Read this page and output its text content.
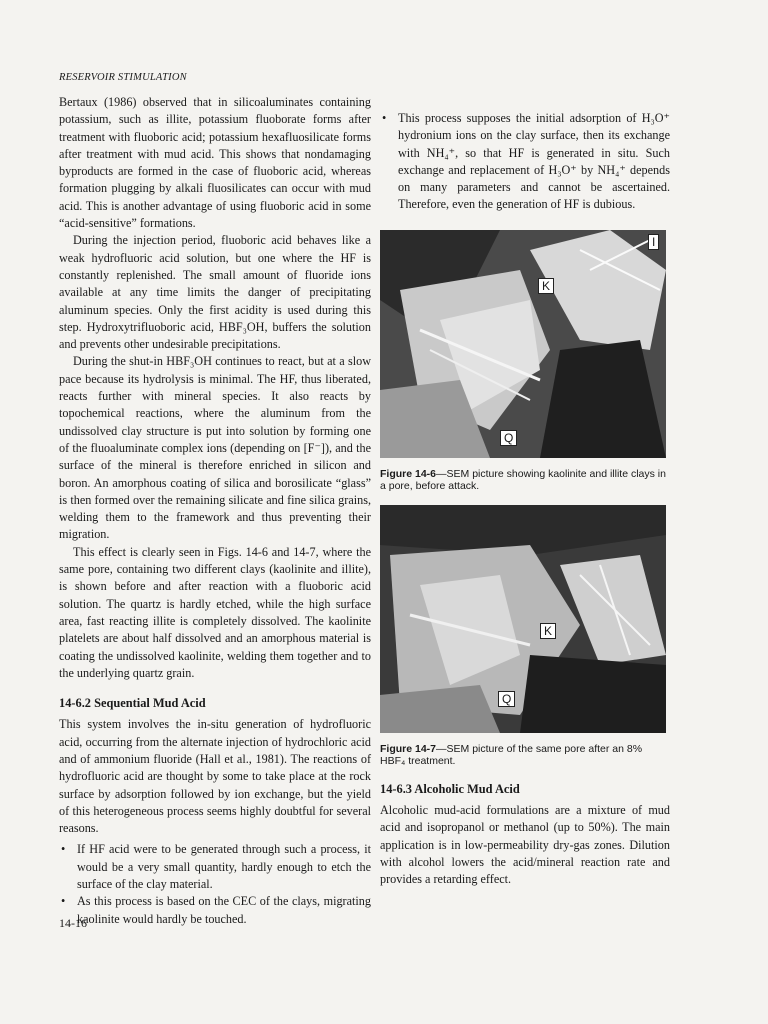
RESERVOIR STIMULATION

Bertaux (1986) observed that in silicoaluminates containing potassium, such as illite, potassium fluoborate forms after treatment with fluoboric acid; potassium hexafluosilicate forms after treatment with mud acid. This shows that nondamaging byproducts are formed in the case of fluoboric acid, whereas formation plugging by alkali fluosilicates can occur with mud acid. This is another advantage of using fluoboric acid in some “acid-sensitive” formations.

During the injection period, fluoboric acid behaves like a weak hydrofluoric acid solution, but one where the HF is constantly replenished. The small amount of fluoride ions available at any time limits the danger of precipitating aluminum species. Only the first acidity is used during this step. Hydroxytrifluoboric acid, HBF₃OH, buffers the solution and prevents other undesirable precipitations.

During the shut-in HBF₃OH continues to react, but at a slow pace because its hydrolysis is minimal. The HF, thus liberated, reacts further with mineral species. It also reacts by topochemical reactions, where the aluminum from the undissolved clay structure is put into solution by forming one of the fluoaluminate complex ions (depending on [F⁻]), and the surface of the mineral is therefore enriched in silicon and boron. An amorphous coating of silica and borosilicate “glass” is then formed over the remaining silicate and fine silica grains, welding them to the framework and thus preventing their migration.

This effect is clearly seen in Figs. 14-6 and 14-7, where the same pore, containing two different clays (kaolinite and illite), is shown before and after reaction with a fluoboric acid solution. The quartz is hardly etched, while the high surface area, fast reacting illite is completely dissolved. The kaolinite platelets are about half dissolved and an amorphous material is coating the undissolved kaolinite, welding them together and to the underlying quartz grain.

14-6.2 Sequential Mud Acid

This system involves the in-situ generation of hydrofluoric acid, occurring from the alternate injection of hydrochloric acid and of ammonium fluoride (Hall et al., 1981). The reactions of hydrofluoric acid are thought by some to take place at the rock surface by adsorption followed by ion exchange, but the yield of this heterogeneous process seems highly doubtful for several reasons.

• If HF acid were to be generated through such a process, it would be a very small quantity, hardly enough to etch the surface of the clay material.
• As this process is based on the CEC of the clays, migrating kaolinite would hardly be touched.
• This process supposes the initial adsorption of H₃O⁺ hydronium ions on the clay surface, then its exchange with NH₄⁺, so that HF is generated in situ. Such exchange and replacement of H₃O⁺ by NH₄⁺ depends on many parameters and cannot be ascertained. Therefore, even the generation of HF is dubious.
K
Q
I
Figure 14-6—SEM picture showing kaolinite and illite clays in a pore, before attack.
K
Q
Figure 14-7—SEM picture of the same pore after an 8% HBF₄ treatment.
14-6.3 Alcoholic Mud Acid

Alcoholic mud-acid formulations are a mixture of mud acid and isopropanol or methanol (up to 50%). The main application is in low-permeability dry-gas zones. Dilution with alcohol lowers the acid/mineral reaction rate and provides a retarding effect.

14-16
